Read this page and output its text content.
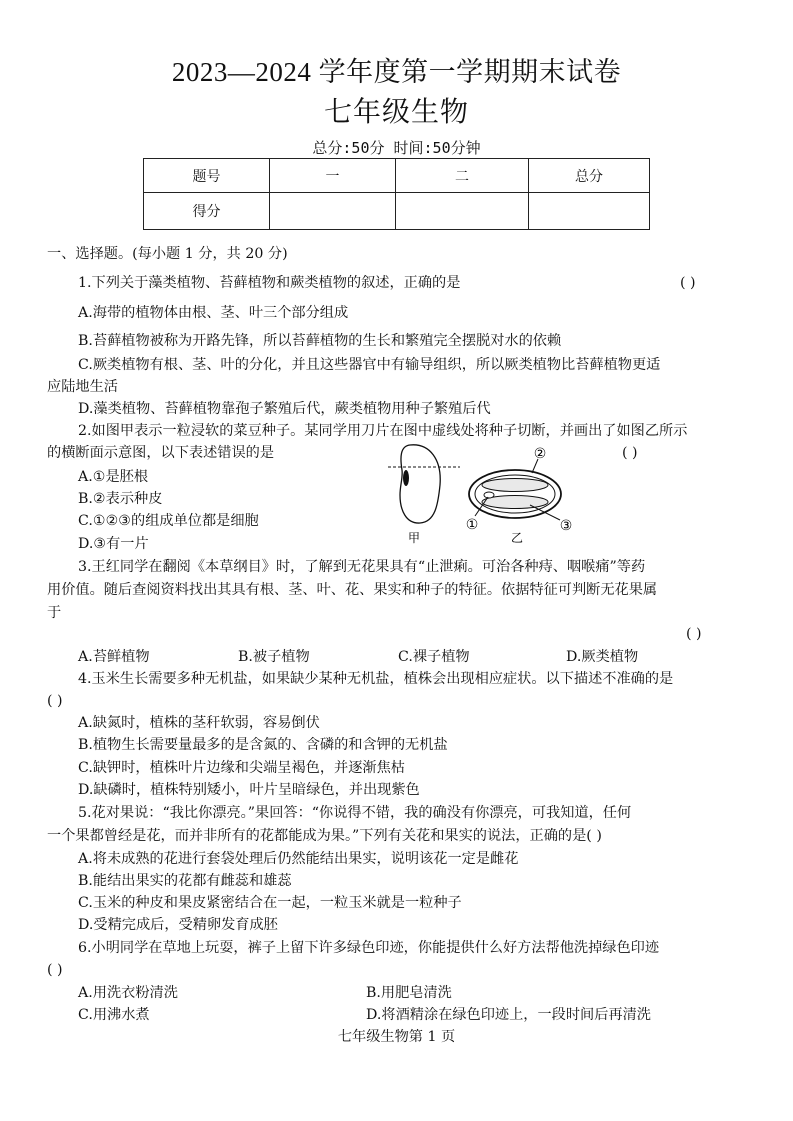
2023—2024 学年度第一学期期末试卷
七年级生物
总分:50分 时间:50分钟
题号	一	二	总分
得分			
一、选择题。(每小题 1 分，共 20 分)
1.下列关于藻类植物、苔藓植物和蕨类植物的叙述，正确的是	( )
A.海带的植物体由根、茎、叶三个部分组成
B.苔藓植物被称为开路先锋，所以苔藓植物的生长和繁殖完全摆脱对水的依赖
C.厥类植物有根、茎、叶的分化，并且这些器官中有输导组织，所以厥类植物比苔藓植物更适
应陆地生活
D.藻类植物、苔藓植物靠孢子繁殖后代，蕨类植物用种子繁殖后代
2.如图甲表示一粒浸软的菜豆种子。某同学用刀片在图中虚线处将种子切断，并画出了如图乙所示
的横断面示意图，以下表述错误的是	( )
A.①是胚根
B.②表示种皮
C.①②③的组成单位都是细胞
D.③有一片	甲
①
②
③
乙
3.王红同学在翻阅《本草纲目》时，了解到无花果具有“止泄痢。可治各种痔、咽喉痛”等药
用价值。随后查阅资料找出其具有根、茎、叶、花、果实和种子的特征。依据特征可判断无花果属
于
( )
A.苔鲜植物	B.被子植物	C.裸子植物	D.厥类植物
4.玉米生长需要多种无机盐，如果缺少某种无机盐，植株会出现相应症状。以下描述不准确的是
( )
A.缺氮时，植株的茎秆软弱，容易倒伏
B.植物生长需要量最多的是含氮的、含磷的和含钾的无机盐
C.缺钾时，植株叶片边缘和尖端呈褐色，并逐渐焦枯
D.缺磷时，植株特别矮小，叶片呈暗绿色，并出现紫色
5.花对果说：“我比你漂亮。”果回答：“你说得不错，我的确没有你漂亮，可我知道，任何
一个果都曾经是花，而并非所有的花都能成为果。”下列有关花和果实的说法，正确的是( )
A.将未成熟的花进行套袋处理后仍然能结出果实，说明该花一定是雌花
B.能结出果实的花都有雌蕊和雄蕊
C.玉米的种皮和果皮紧密结合在一起，一粒玉米就是一粒种子
D.受精完成后，受精卵发育成胚
6.小明同学在草地上玩耍，裤子上留下许多绿色印迹，你能提供什么好方法帮他洗掉绿色印迹
( )
A.用洗衣粉清洗	B.用肥皂清洗
C.用沸水煮	D.将酒精涂在绿色印迹上，一段时间后再清洗
七年级生物第 1 页
